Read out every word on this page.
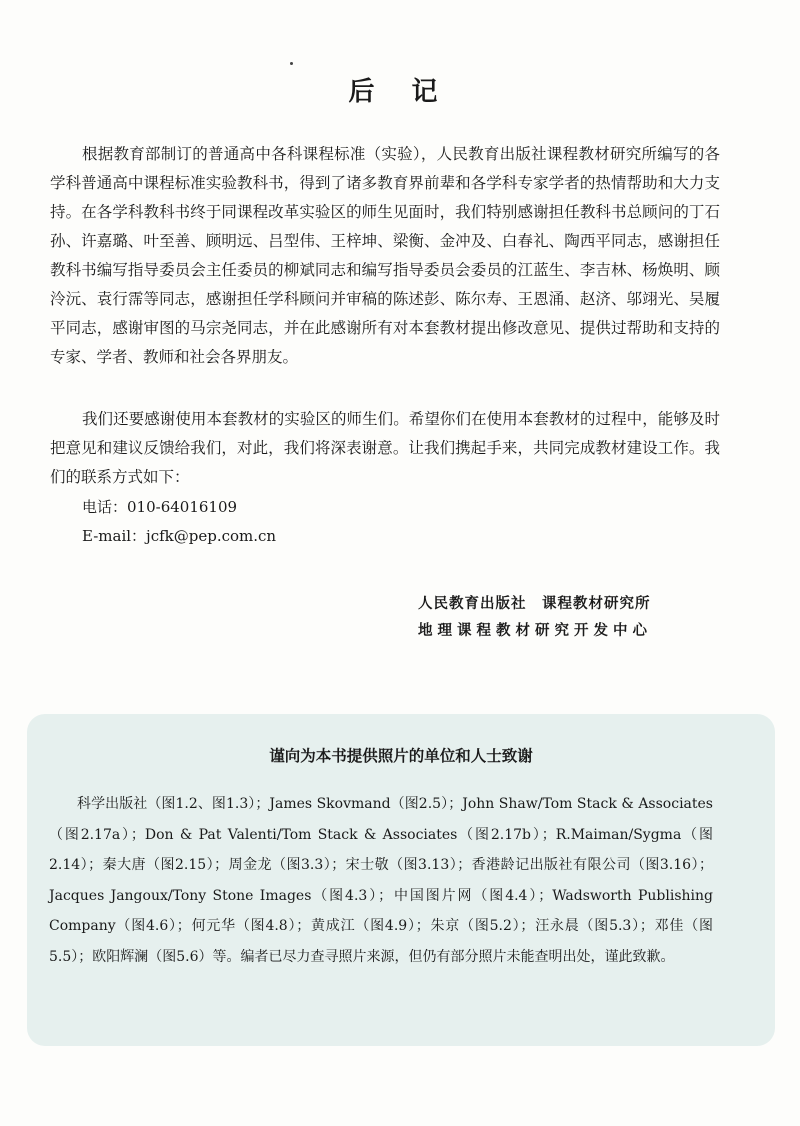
后 记
根据教育部制订的普通高中各科课程标准（实验），人民教育出版社课程教材研究所编写的各学科普通高中课程标准实验教科书，得到了诸多教育界前辈和各学科专家学者的热情帮助和大力支持。在各学科教科书终于同课程改革实验区的师生见面时，我们特别感谢担任教科书总顾问的丁石孙、许嘉璐、叶至善、顾明远、吕型伟、王梓坤、梁衡、金冲及、白春礼、陶西平同志，感谢担任教科书编写指导委员会主任委员的柳斌同志和编写指导委员会委员的江蓝生、李吉林、杨焕明、顾泠沅、袁行霈等同志，感谢担任学科顾问并审稿的陈述彭、陈尔寿、王恩涌、赵济、邬翊光、吴履平同志，感谢审图的马宗尧同志，并在此感谢所有对本套教材提出修改意见、提供过帮助和支持的专家、学者、教师和社会各界朋友。
我们还要感谢使用本套教材的实验区的师生们。希望你们在使用本套教材的过程中，能够及时把意见和建议反馈给我们，对此，我们将深表谢意。让我们携起手来，共同完成教材建设工作。我们的联系方式如下：
电话：010-64016109
E-mail：jcfk@pep.com.cn
人民教育出版社　课程教材研究所
地理课程教材研究开发中心
谨向为本书提供照片的单位和人士致谢
科学出版社（图1.2、图1.3）；James Skovmand（图2.5）；John Shaw/Tom Stack & Associates（图2.17a）；Don & Pat Valenti/Tom Stack & Associates（图2.17b）；R.Maiman/Sygma（图2.14）；秦大唐（图2.15）；周金龙（图3.3）；宋士敬（图3.13）；香港龄记出版社有限公司（图3.16）；Jacques Jangoux/Tony Stone Images（图4.3）；中国图片网（图4.4）；Wadsworth Publishing Company（图4.6）；何元华（图4.8）；黄成江（图4.9）；朱京（图5.2）；汪永晨（图5.3）；邓佳（图5.5）；欧阳辉澜（图5.6）等。编者已尽力查寻照片来源，但仍有部分照片未能查明出处，谨此致歉。
